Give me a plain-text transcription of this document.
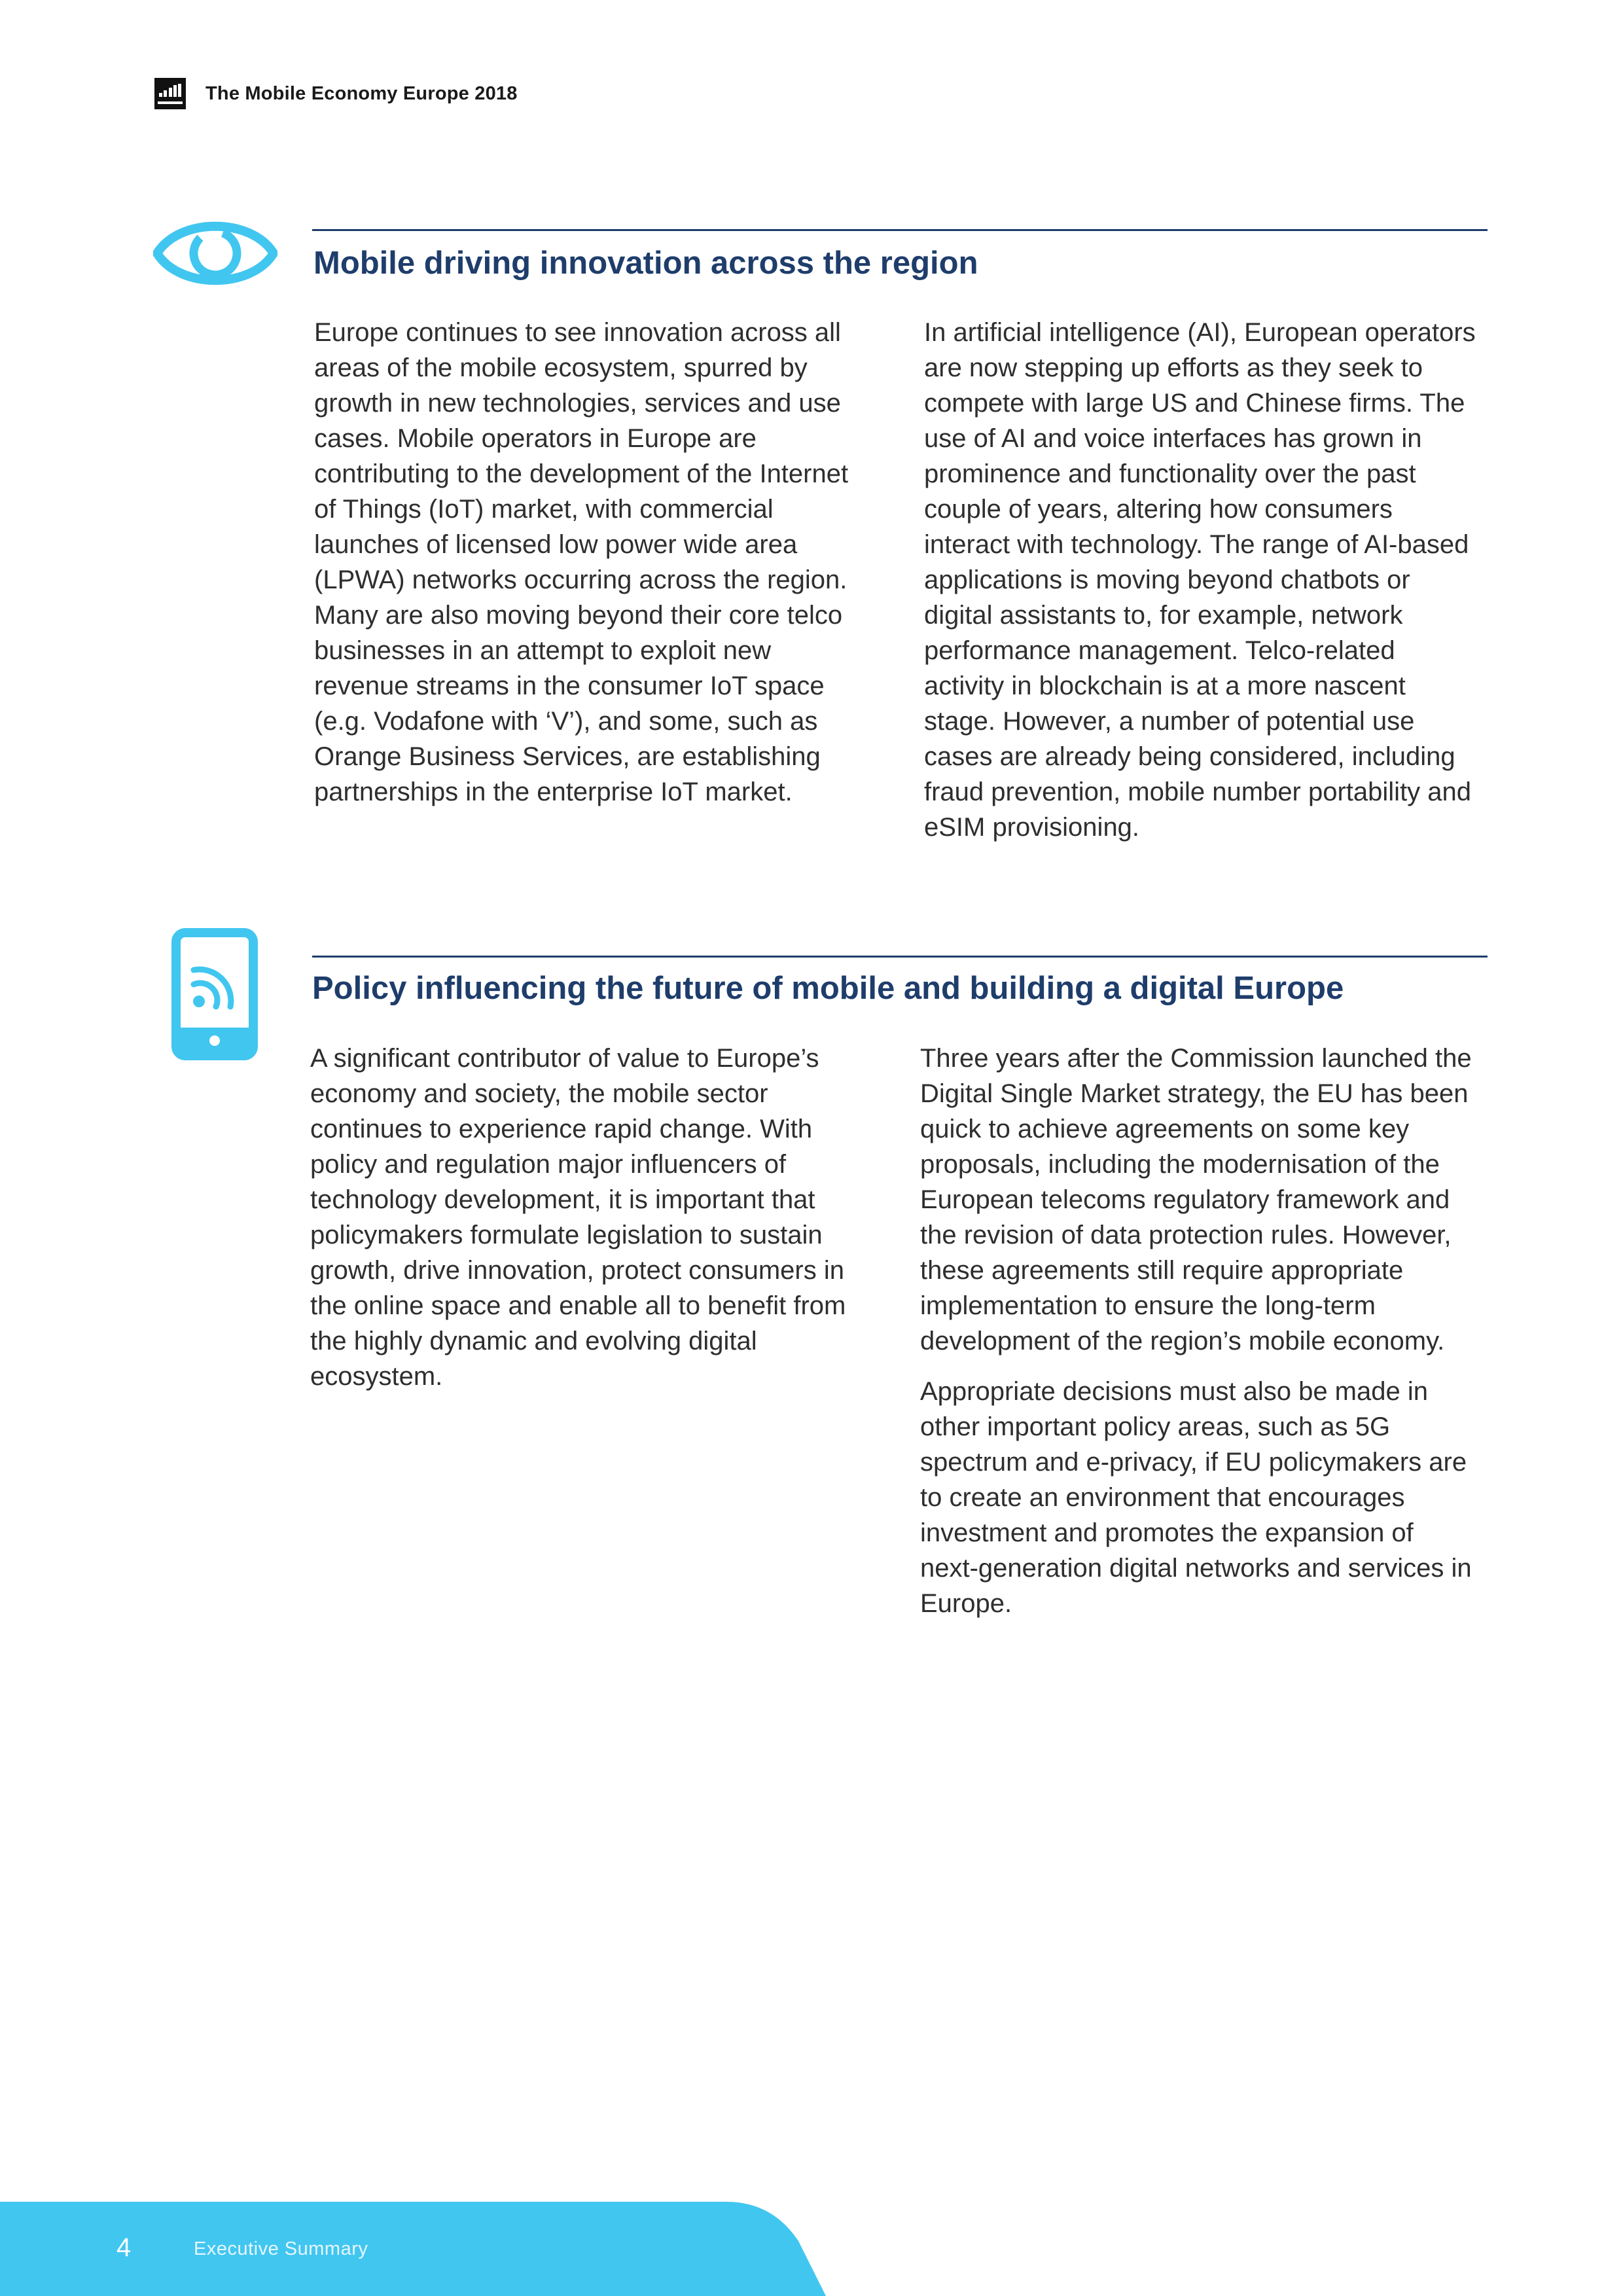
The Mobile Economy Europe 2018
Mobile driving innovation across the region

Europe continues to see innovation across all areas of the mobile ecosystem, spurred by growth in new technologies, services and use cases. Mobile operators in Europe are contributing to the development of the Internet of Things (IoT) market, with commercial launches of licensed low power wide area (LPWA) networks occurring across the region. Many are also moving beyond their core telco businesses in an attempt to exploit new revenue streams in the consumer IoT space (e.g. Vodafone with ‘V’), and some, such as Orange Business Services, are establishing partnerships in the enterprise IoT market.

In artificial intelligence (AI), European operators are now stepping up efforts as they seek to compete with large US and Chinese firms. The use of AI and voice interfaces has grown in prominence and functionality over the past couple of years, altering how consumers interact with technology. The range of AI-based applications is moving beyond chatbots or digital assistants to, for example, network performance management. Telco-related activity in blockchain is at a more nascent stage. However, a number of potential use cases are already being considered, including fraud prevention, mobile number portability and eSIM provisioning.

Policy influencing the future of mobile and building a digital Europe

A significant contributor of value to Europe’s economy and society, the mobile sector continues to experience rapid change. With policy and regulation major influencers of technology development, it is important that policymakers formulate legislation to sustain growth, drive innovation, protect consumers in the online space and enable all to benefit from the highly dynamic and evolving digital ecosystem.

Three years after the Commission launched the Digital Single Market strategy, the EU has been quick to achieve agreements on some key proposals, including the modernisation of the European telecoms regulatory framework and the revision of data protection rules. However, these agreements still require appropriate implementation to ensure the long-term development of the region’s mobile economy.

Appropriate decisions must also be made in other important policy areas, such as 5G spectrum and e-privacy, if EU policymakers are to create an environment that encourages investment and promotes the expansion of next-generation digital networks and services in Europe.

4	Executive Summary
